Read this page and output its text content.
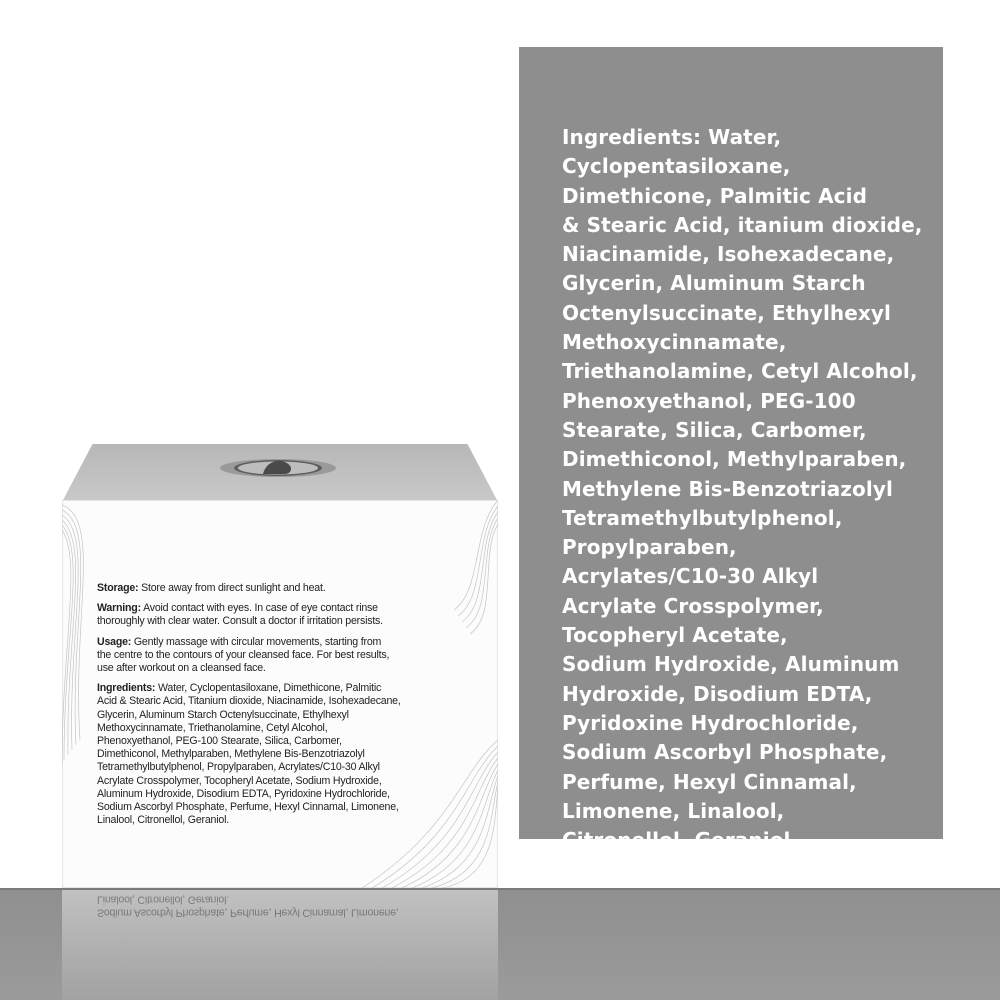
Ingredients: Water,
Cyclopentasiloxane,
Dimethicone, Palmitic Acid
& Stearic Acid, itanium dioxide,
Niacinamide, Isohexadecane,
Glycerin, Aluminum Starch
Octenylsuccinate, Ethylhexyl
Methoxycinnamate,
Triethanolamine, Cetyl Alcohol,
Phenoxyethanol, PEG-100
Stearate, Silica, Carbomer,
Dimethiconol, Methylparaben,
Methylene Bis-Benzotriazolyl
Tetramethylbutylphenol,
Propylparaben,
Acrylates/C10-30 Alkyl
Acrylate Crosspolymer,
Tocopheryl Acetate,
Sodium Hydroxide, Aluminum
Hydroxide, Disodium EDTA,
Pyridoxine Hydrochloride,
Sodium Ascorbyl Phosphate,
Perfume, Hexyl Cinnamal,
Limonene, Linalool,
Citronellol, Geraniol

Storage: Store away from direct sunlight and heat.

Warning: Avoid contact with eyes. In case of eye contact rinse
thoroughly with clear water. Consult a doctor if irritation persists.

Usage: Gently massage with circular movements, starting from
the centre to the contours of your cleansed face. For best results,
use after workout on a cleansed face.

Ingredients: Water, Cyclopentasiloxane, Dimethicone, Palmitic
Acid & Stearic Acid, Titanium dioxide, Niacinamide, Isohexadecane,
Glycerin, Aluminum Starch Octenylsuccinate, Ethylhexyl
Methoxycinnamate, Triethanolamine, Cetyl Alcohol,
Phenoxyethanol, PEG-100 Stearate, Silica, Carbomer,
Dimethiconol, Methylparaben, Methylene Bis-Benzotriazolyl
Tetramethylbutylphenol, Propylparaben, Acrylates/C10-30 Alkyl
Acrylate Crosspolymer, Tocopheryl Acetate, Sodium Hydroxide,
Aluminum Hydroxide, Disodium EDTA, Pyridoxine Hydrochloride,
Sodium Ascorbyl Phosphate, Perfume, Hexyl Cinnamal, Limonene,
Linalool, Citronellol, Geraniol.

Sodium Ascorbyl Phosphate, Perfume, Hexyl Cinnamal, Limonene,
Linalool, Citronellol, Geraniol.
